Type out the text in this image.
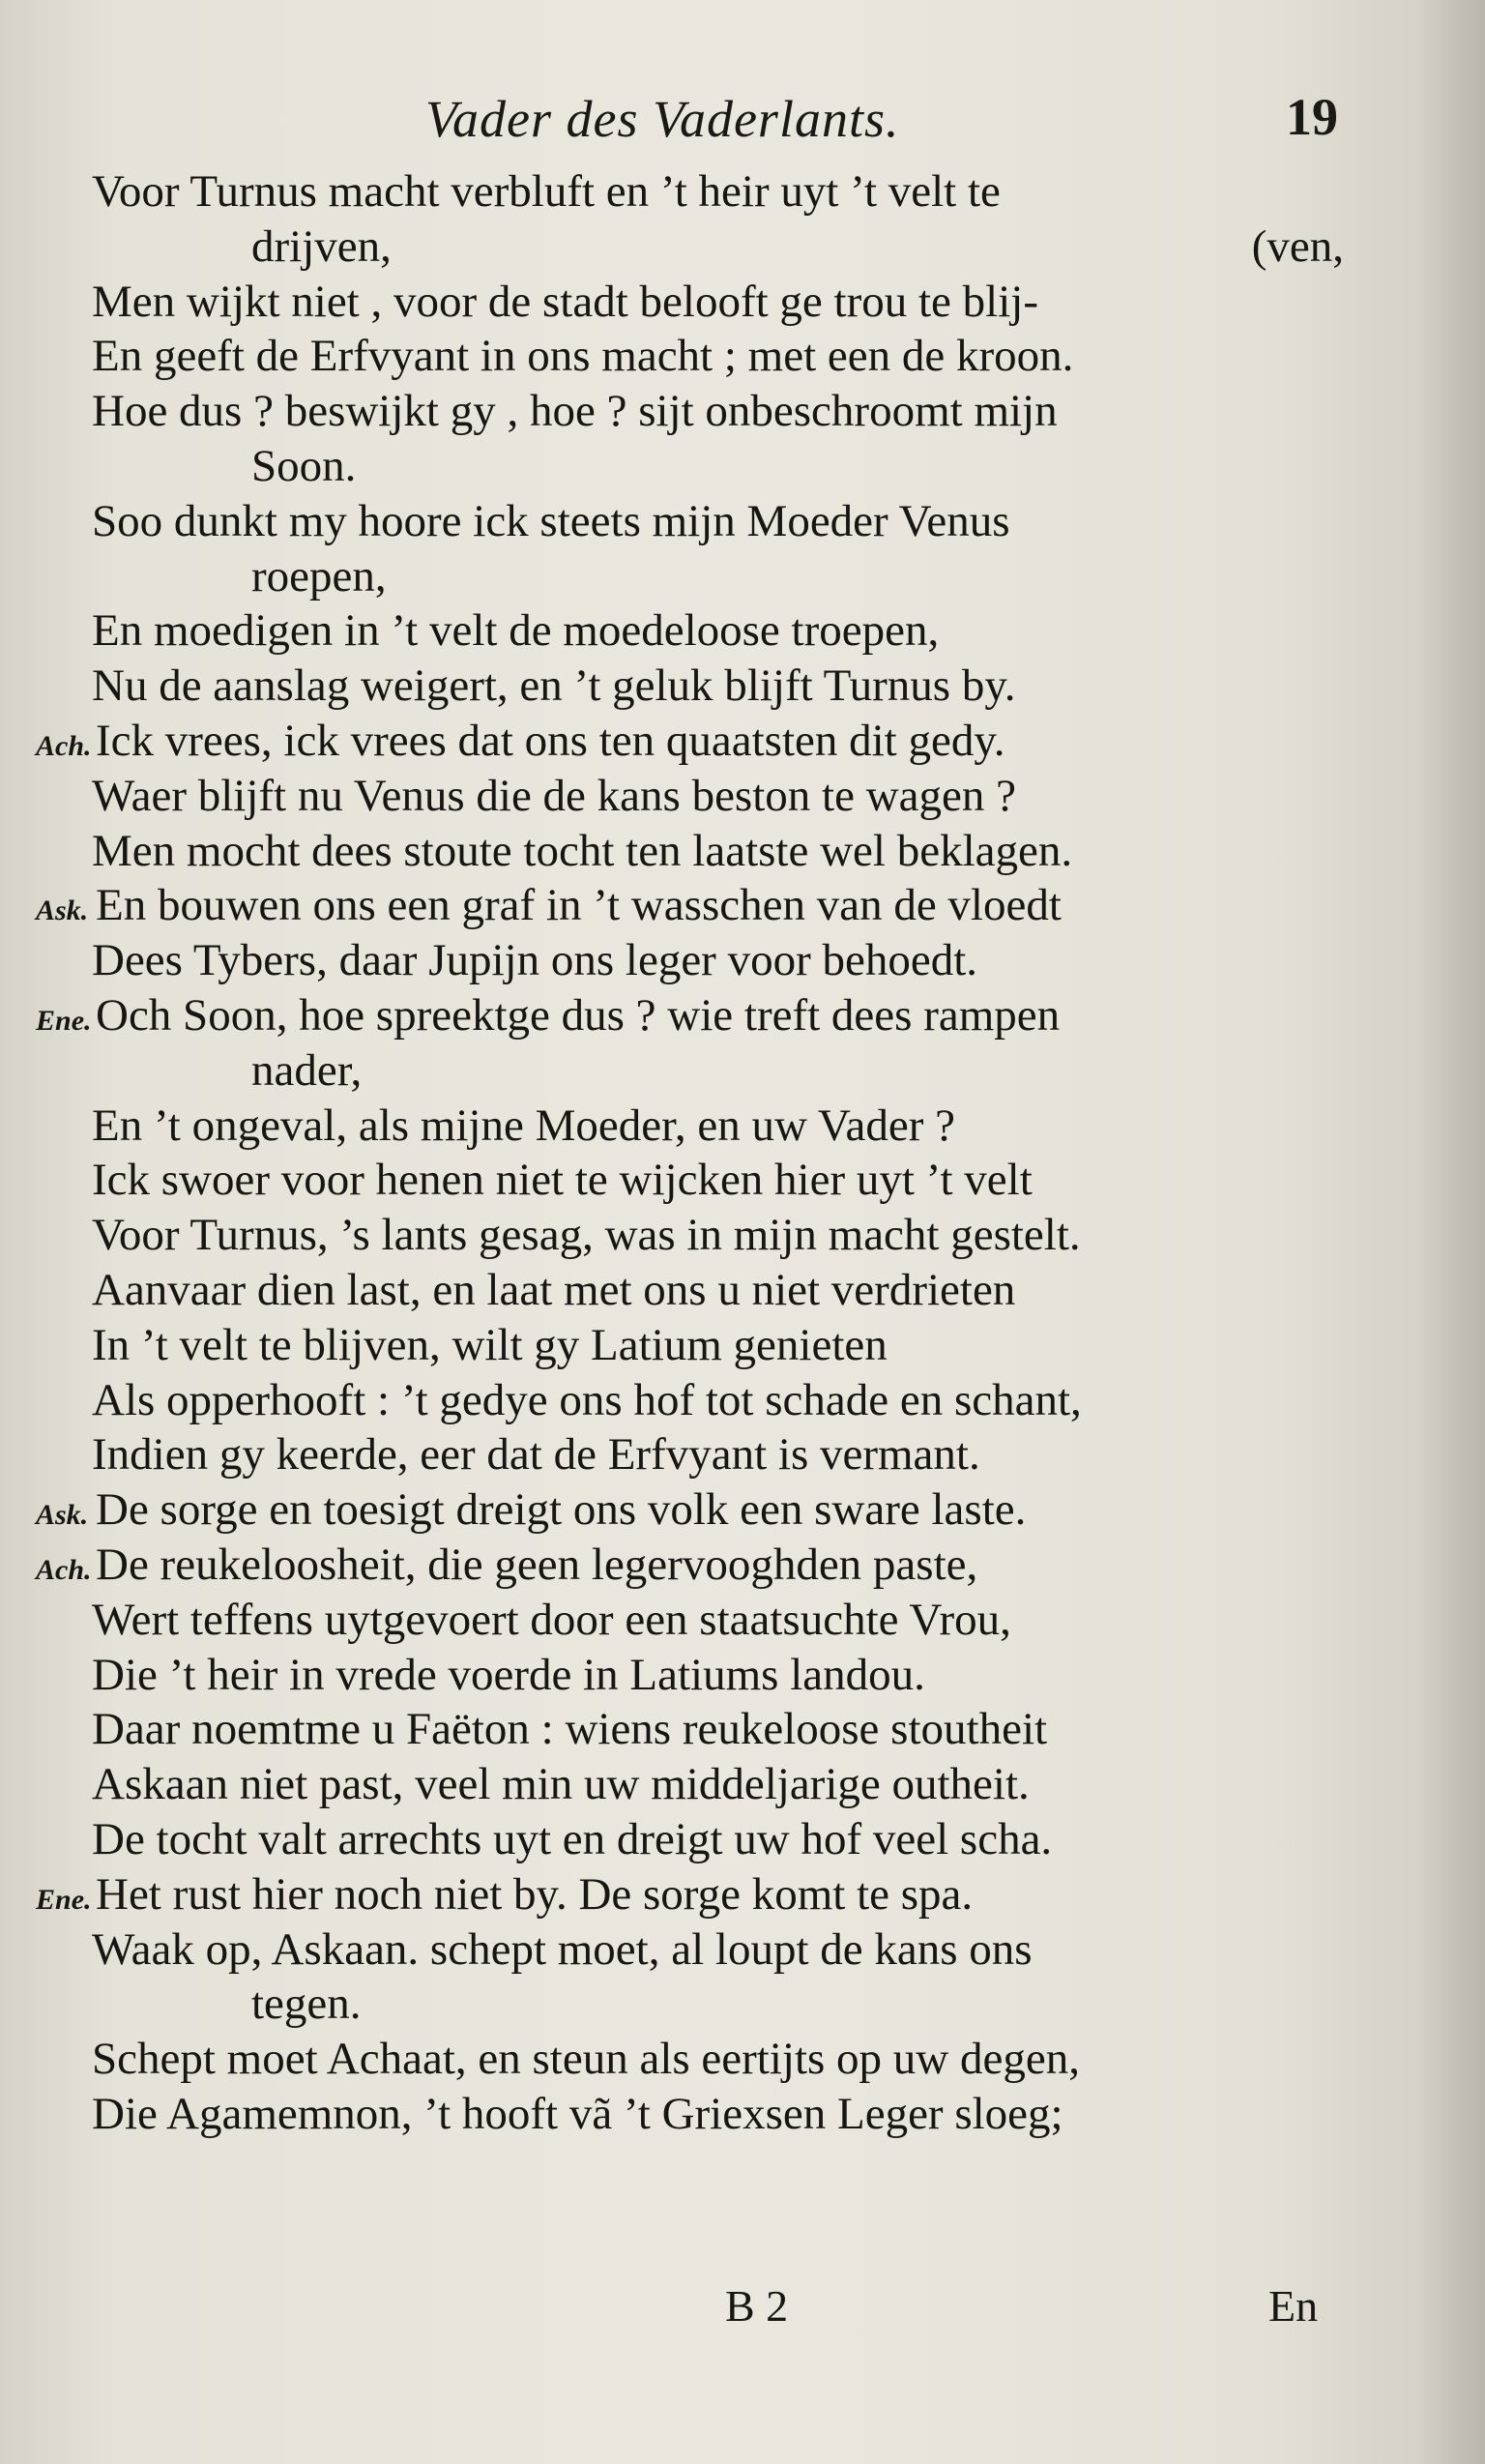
Vader des Vaderlants.	19
Voor Turnus macht verbluft en ’t heir uyt ’t velt te
drijven,	(ven,
Men wijkt niet , voor de stadt belooft ge trou te blij-
En geeft de Erfvyant in ons macht ; met een de kroon.
Hoe dus ? beswijkt gy , hoe ? sijt onbeschroomt mijn
Soon.
Soo dunkt my hoore ick steets mijn Moeder Venus
roepen,
En moedigen in ’t velt de moedeloose troepen,
Nu de aanslag weigert, en ’t geluk blijft Turnus by.
Ach.Ick vrees, ick vrees dat ons ten quaatsten dit gedy.
Waer blijft nu Venus die de kans beston te wagen ?
Men mocht dees stoute tocht ten laatste wel beklagen.
Ask. En bouwen ons een graf in ’t wasschen van de vloedt
Dees Tybers, daar Jupijn ons leger voor behoedt.
Ene.Och Soon, hoe spreektge dus ? wie treft dees rampen
nader,
En ’t ongeval, als mijne Moeder, en uw Vader ?
Ick swoer voor henen niet te wijcken hier uyt ’t velt
Voor Turnus, ’s lants gesag, was in mijn macht gestelt.
Aanvaar dien last, en laat met ons u niet verdrieten
In ’t velt te blijven, wilt gy Latium genieten
Als opperhooft : ’t gedye ons hof tot schade en schant,
Indien gy keerde, eer dat de Erfvyant is vermant.
Ask. De sorge en toesigt dreigt ons volk een sware laste.
Ach.De reukeloosheit, die geen legervooghden paste,
Wert teffens uytgevoert door een staatsuchte Vrou,
Die ’t heir in vrede voerde in Latiums landou.
Daar noemtme u Faëton : wiens reukeloose stoutheit
Askaan niet past, veel min uw middeljarige outheit.
De tocht valt arrechts uyt en dreigt uw hof veel scha.
Ene.Het rust hier noch niet by. De sorge komt te spa.
Waak op, Askaan. schept moet, al loupt de kans ons
tegen.
Schept moet Achaat, en steun als eertijts op uw degen,
Die Agamemnon, ’t hooft vã ’t Griexsen Leger sloeg;
B 2	En
